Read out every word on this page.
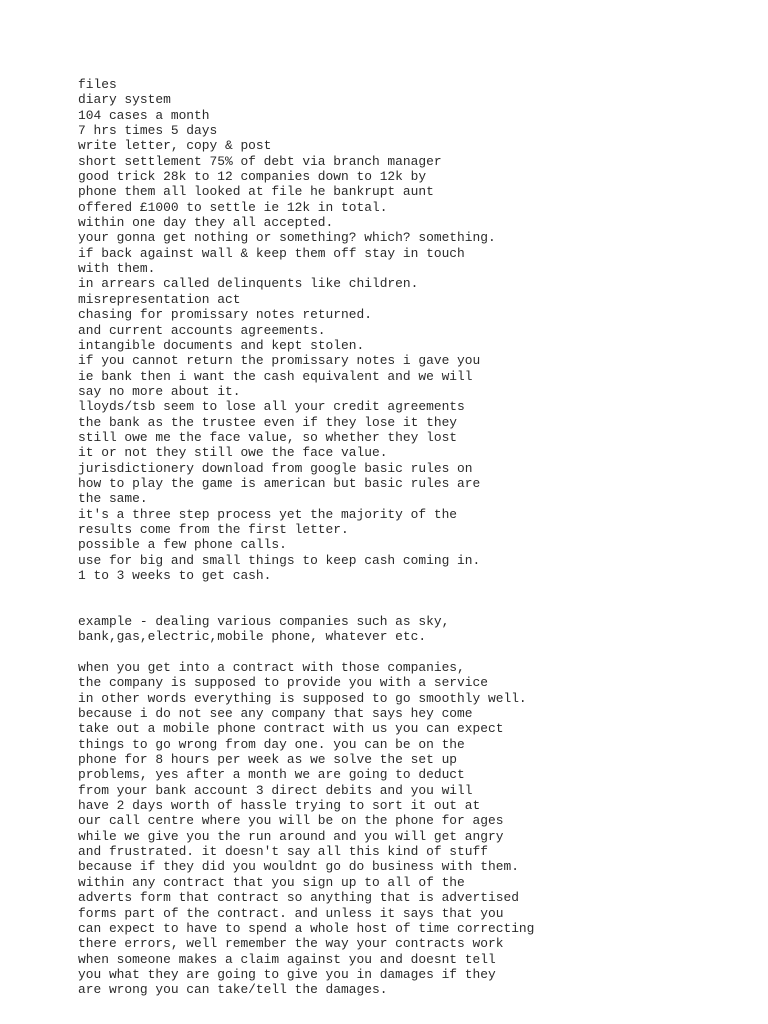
files
diary system
104 cases a month
7 hrs times 5 days
write letter, copy & post
short settlement 75% of debt via branch manager
good trick 28k to 12 companies down to 12k by
phone them all looked at file he bankrupt aunt
offered £1000 to settle ie 12k in total.
within one day they all accepted.
your gonna get nothing or something? which? something.
if back against wall & keep them off stay in touch
with them.
in arrears called delinquents like children.
misrepresentation act
chasing for promissary notes returned.
and current accounts agreements.
intangible documents and kept stolen.
if you cannot return the promissary notes i gave you
ie bank then i want the cash equivalent and we will
say no more about it.
lloyds/tsb seem to lose all your credit agreements
the bank as the trustee even if they lose it they
still owe me the face value, so whether they lost
it or not they still owe the face value.
jurisdictionery download from google basic rules on
how to play the game is american but basic rules are
the same.
it's a three step process yet the majority of the
results come from the first letter.
possible a few phone calls.
use for big and small things to keep cash coming in.
1 to 3 weeks to get cash.
example - dealing various companies such as sky,
bank,gas,electric,mobile phone, whatever etc.
when you get into a contract with those companies,
the company is supposed to provide you with a service
in other words everything is supposed to go smoothly well.
because i do not see any company that says hey come
take out a mobile phone contract with us you can expect
things to go wrong from day one. you can be on the
phone for 8 hours per week as we solve the set up
problems, yes after a month we are going to deduct
from your bank account 3 direct debits and you will
have 2 days worth of hassle trying to sort it out at
our call centre where you will be on the phone for ages
while we give you the run around and you will get angry
and frustrated. it doesn't say all this kind of stuff
because if they did you wouldnt go do business with them.
within any contract that you sign up to all of the
adverts form that contract so anything that is advertised
forms part of the contract. and unless it says that you
can expect to have to spend a whole host of time correcting
there errors, well remember the way your contracts work
when someone makes a claim against you and doesnt tell
you what they are going to give you in damages if they
are wrong you can take/tell the damages.
